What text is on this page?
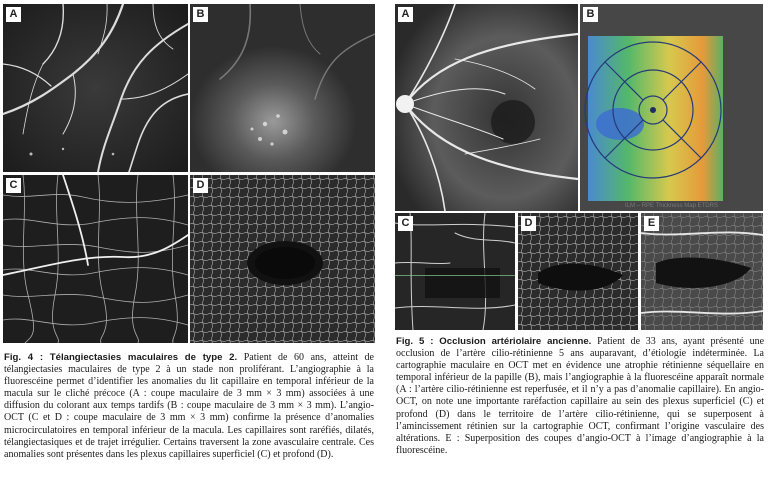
A	B
C	D

Fig. 4 : Télangiectasies maculaires de type 2. Patient de 60 ans, atteint de télangiectasies maculaires de type 2 à un stade non proliférant. L’angiographie à la fluorescéine permet d’identifier les anomalies du lit capillaire en temporal inférieur de la macula sur le cliché précoce (A : coupe maculaire de 3 mm × 3 mm) associées à une diffusion du colorant aux temps tardifs (B : coupe maculaire de 3 mm × 3 mm). L’angio-OCT (C et D : coupe maculaire de 3 mm × 3 mm) confirme la présence d’anomalies microcirculatoires en temporal inférieur de la macula. Les capillaires sont raréfiés, dilatés, télangiectasiques et de trajet irrégulier. Certains traversent la zone avasculaire centrale. Ces anomalies sont présentes dans les plexus capillaires superficiel (C) et profond (D).

A	B
ILM – RPE Thickness Map ETDRS
C	D	E

Fig. 5 : Occlusion artériolaire ancienne. Patient de 33 ans, ayant présenté une occlusion de l’artère cilio-rétinienne 5 ans auparavant, d’étiologie indéterminée. La cartographie maculaire en OCT met en évidence une atrophie rétinienne séquellaire en temporal inférieur de la papille (B), mais l’angiographie à la fluorescéine apparaît normale (A : l’artère cilio-rétinienne est reperfusée, et il n’y a pas d’anomalie capillaire). En angio-OCT, on note une importante raréfaction capillaire au sein des plexus superficiel (C) et profond (D) dans le territoire de l’artère cilio-rétinienne, qui se superposent à l’amincissement rétinien sur la cartographie OCT, confirmant l’origine vasculaire des altérations. E : Superposition des coupes d’angio-OCT à l’image d’angiographie à la fluorescéine.
